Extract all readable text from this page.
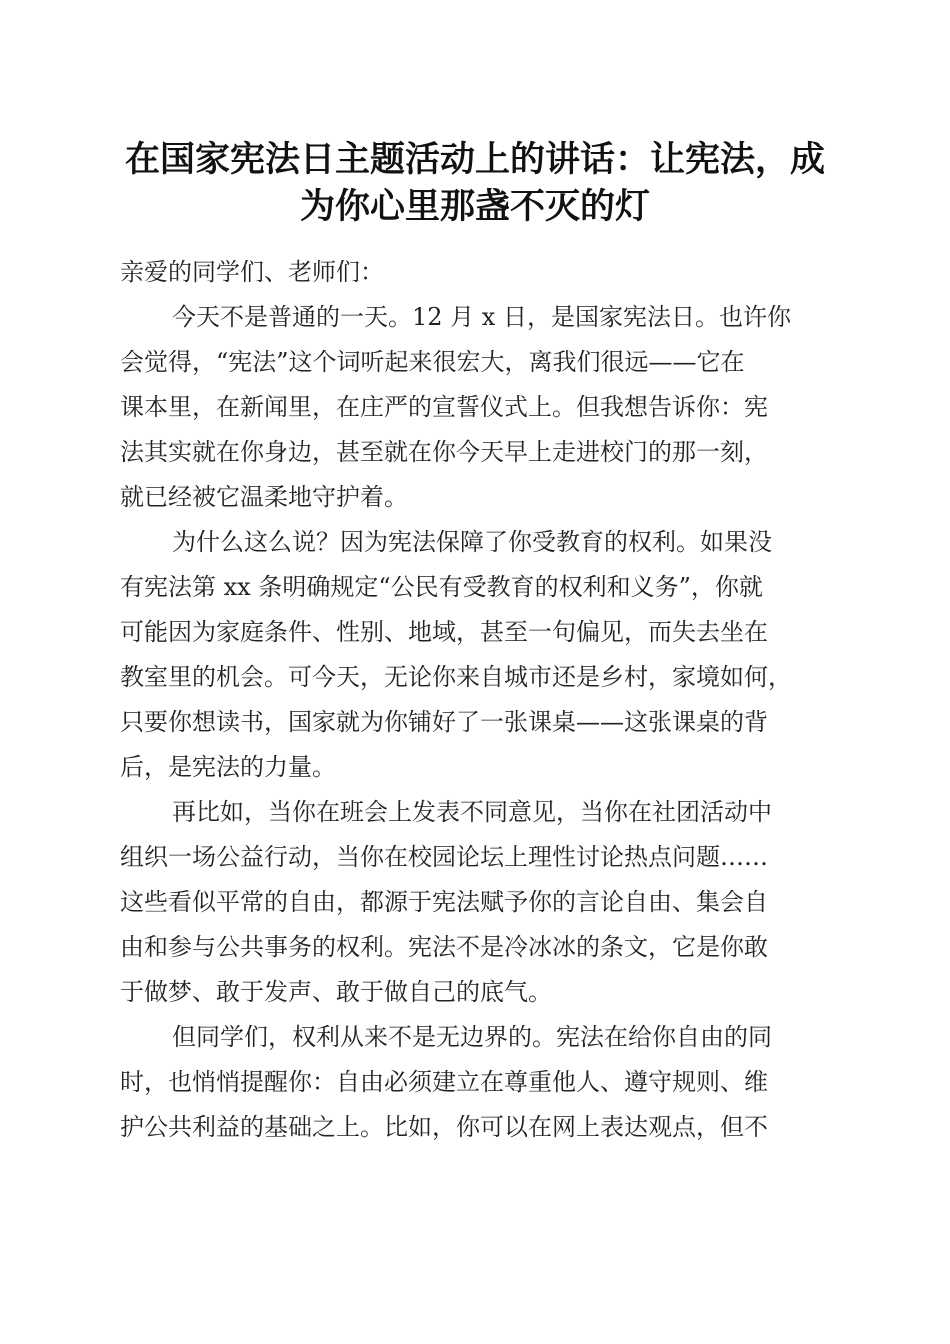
在国家宪法日主题活动上的讲话：让宪法，成
为你心里那盏不灭的灯

亲爱的同学们、老师们：

今天不是普通的一天。12 月 x 日，是国家宪法日。也许你
会觉得，“宪法”这个词听起来很宏大，离我们很远——它在
课本里，在新闻里，在庄严的宣誓仪式上。但我想告诉你：宪
法其实就在你身边，甚至就在你今天早上走进校门的那一刻，
就已经被它温柔地守护着。

为什么这么说？因为宪法保障了你受教育的权利。如果没
有宪法第 xx 条明确规定“公民有受教育的权利和义务”，你就
可能因为家庭条件、性别、地域，甚至一句偏见，而失去坐在
教室里的机会。可今天，无论你来自城市还是乡村，家境如何，
只要你想读书，国家就为你铺好了一张课桌——这张课桌的背
后，是宪法的力量。

再比如，当你在班会上发表不同意见，当你在社团活动中
组织一场公益行动，当你在校园论坛上理性讨论热点问题……
这些看似平常的自由，都源于宪法赋予你的言论自由、集会自
由和参与公共事务的权利。宪法不是冷冰冰的条文，它是你敢
于做梦、敢于发声、敢于做自己的底气。

但同学们，权利从来不是无边界的。宪法在给你自由的同
时，也悄悄提醒你：自由必须建立在尊重他人、遵守规则、维
护公共利益的基础之上。比如，你可以在网上表达观点，但不
